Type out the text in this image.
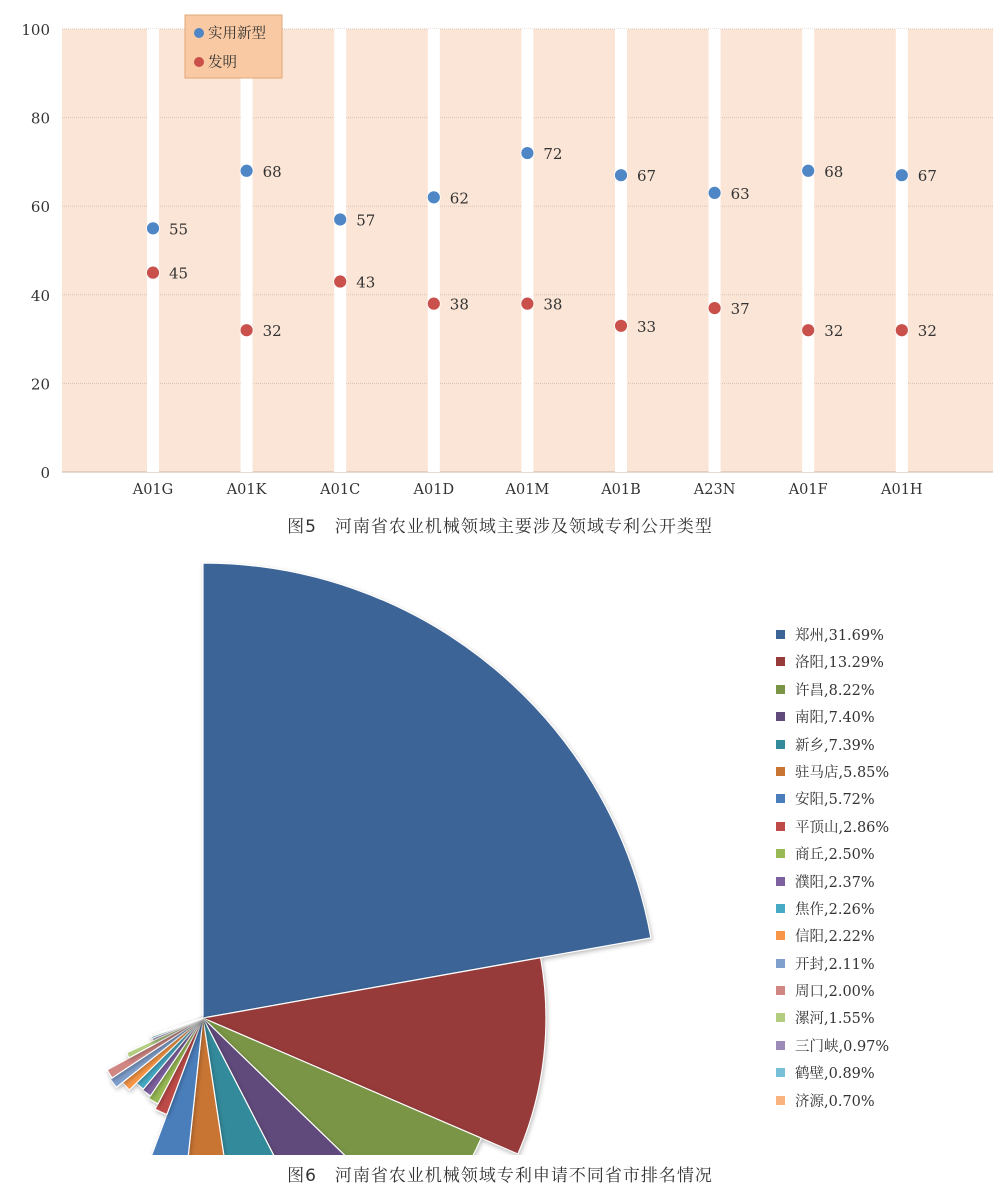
0
20
40
60
80
100
A01G	A01K	A01C	A01D	A01M	A01B	A23N	A01F	A01H
55
68
57
62
72
67
63
68	67
45
32
43
38	38
33
37
32	32
实用新型
发明
图5　河南省农业机械领域主要涉及领域专利公开类型
郑州,31.69%
洛阳,13.29%
许昌,8.22%
南阳,7.40%
新乡,7.39%
驻马店,5.85%
安阳,5.72%
平顶山,2.86%
商丘,2.50%
濮阳,2.37%
焦作,2.26%
信阳,2.22%
开封,2.11%
周口,2.00%
漯河,1.55%
三门峡,0.97%
鹤壁,0.89%
济源,0.70%
图6　河南省农业机械领域专利申请不同省市排名情况
